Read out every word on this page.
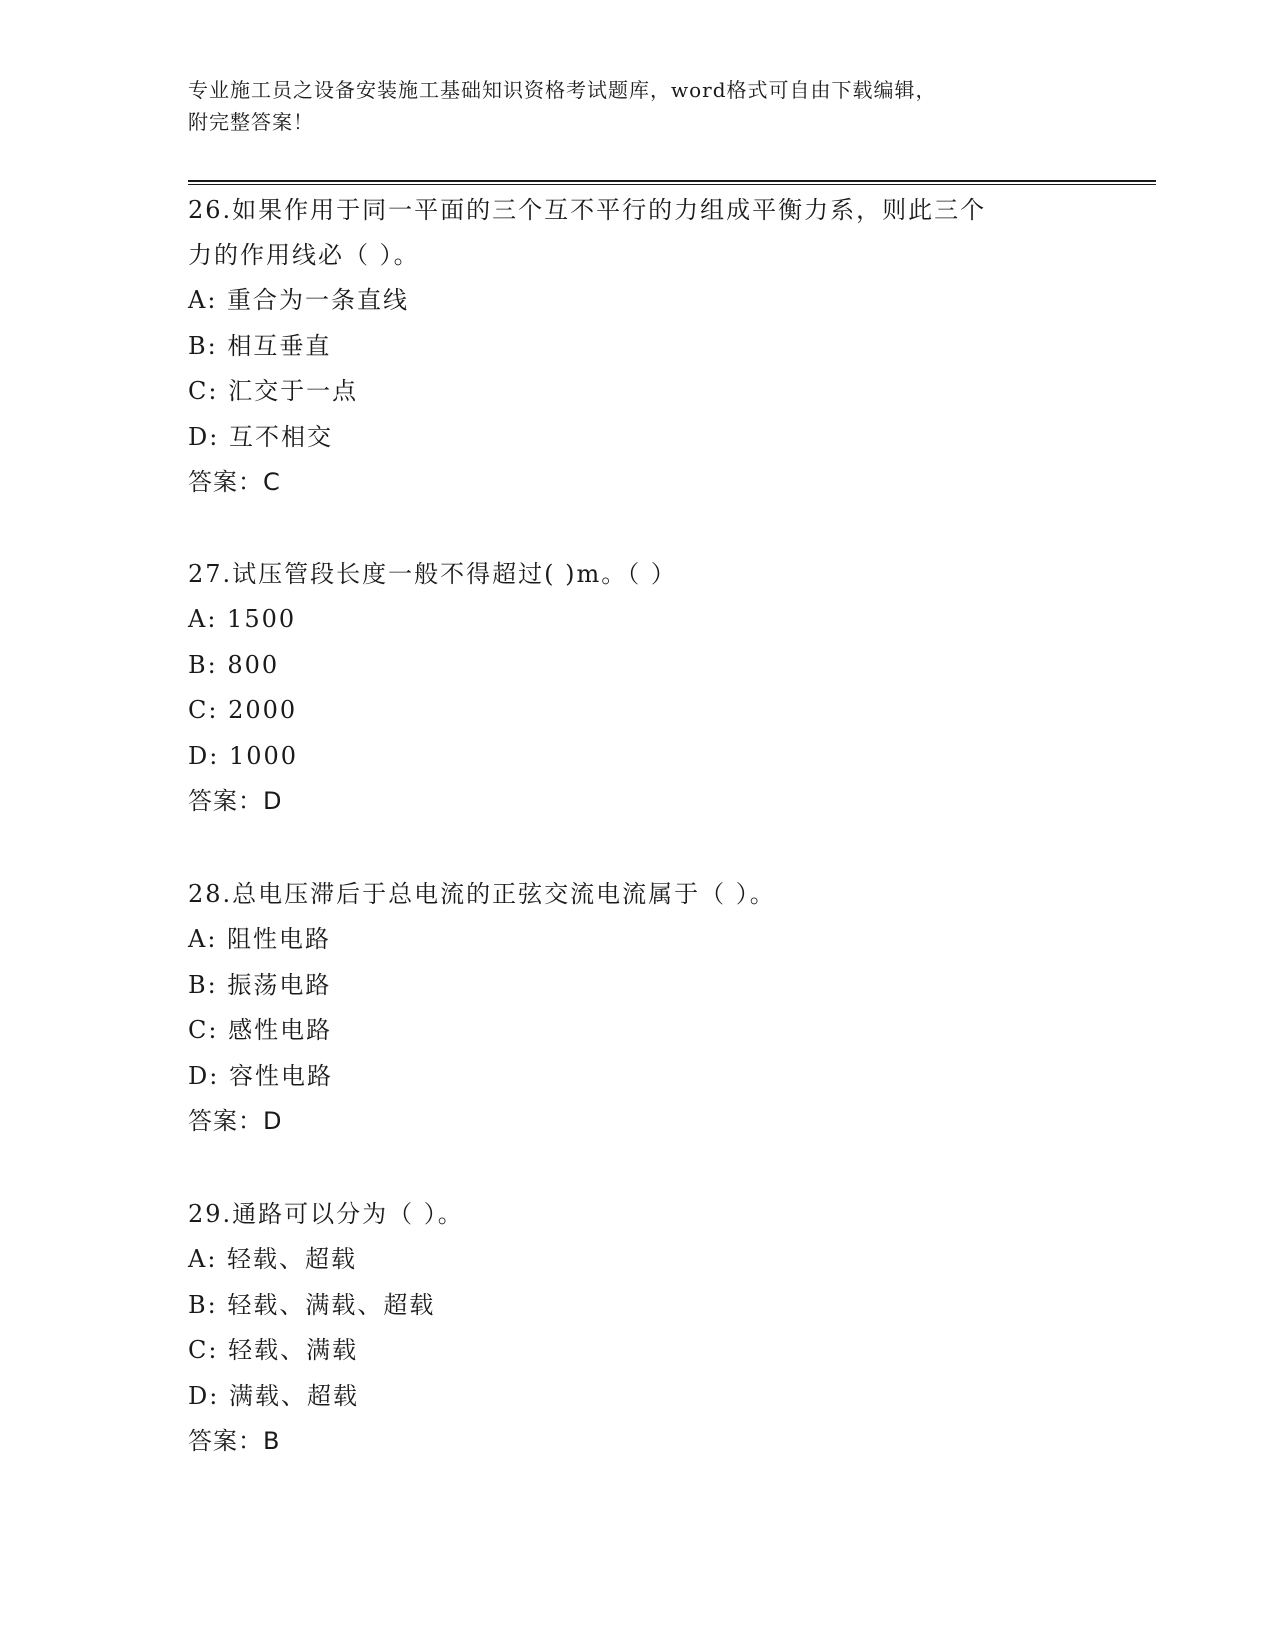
专业施工员之设备安装施工基础知识资格考试题库，word格式可自由下载编辑，
附完整答案！

26.如果作用于同一平面的三个互不平行的力组成平衡力系，则此三个

力的作用线必（ ）。

A: 重合为一条直线

B: 相互垂直

C: 汇交于一点

D: 互不相交

答案：C

27.试压管段长度一般不得超过( )m。（ ）

A: 1500

B: 800

C: 2000

D: 1000

答案：D

28.总电压滞后于总电流的正弦交流电流属于（ ）。

A: 阻性电路

B: 振荡电路

C: 感性电路

D: 容性电路

答案：D

29.通路可以分为（ ）。

A: 轻载、超载

B: 轻载、满载、超载

C: 轻载、满载

D: 满载、超载

答案：B
